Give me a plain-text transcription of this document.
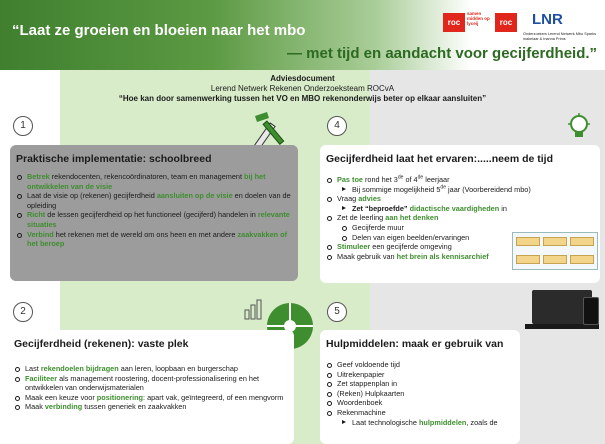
“Laat ze groeien en bloeien naar het mbo
— met tijd en aandacht voor gecijferdheid.”
roc
samen midden op lyceij	roc	LNR
Onderzoekers Lerend Netwerk Mbo Sparks makelaar & Inanna Prims
Adviesdocument
Lerend Netwerk Rekenen Onderzoeksteam ROCvA
“Hoe kan door samenwerking tussen het VO en MBO rekenonderwijs beter op elkaar aansluiten”
1
Praktische implementatie: schoolbreed
Betrek rekendocenten, rekencoördinatoren, team en management bij het ontwikkelen van de visie
Laat de visie op (rekenen) gecijferdheid aansluiten op de visie en doelen van de opleiding
Richt de lessen gecijferdheid op het functioneel (gecijferd) handelen in relevante situaties
Verbind het rekenen met de wereld om ons heen en met andere zaakvakken of het beroep
4
Gecijferdheid laat het ervaren:.....neem de tijd
Pas toe rond het 3de of 4de leerjaar
Bij sommige mogelijkheid 5de jaar (Voorbereidend mbo)
Vraag advies
Zet “beproefde” didactische vaardigheden in
Zet de leerling aan het denken
Gecijferde muur
Delen van eigen beelden/ervaringen
Stimuleer een gecijferde omgeving
Maak gebruik van het brein als kennisarchief
2
Gecijferdheid (rekenen): vaste plek
Last rekendoelen bijdragen aan leren, loopbaan en burgerschap
Faciliteer als management roostering, docent-professionalisering en het ontwikkelen van onderwijsmaterialen
Maak een keuze voor positionering: apart vak, geïntegreerd, of een mengvorm
Maak verbinding tussen generiek en zaakvakken
5
Hulpmiddelen: maak er gebruik van
Geef voldoende tijd
Uitrekenpapier
Zet stappenplan in
(Reken) Hulpkaarten
Woordenboek
Rekenmachine
Laat technologische hulpmiddelen, zoals de
